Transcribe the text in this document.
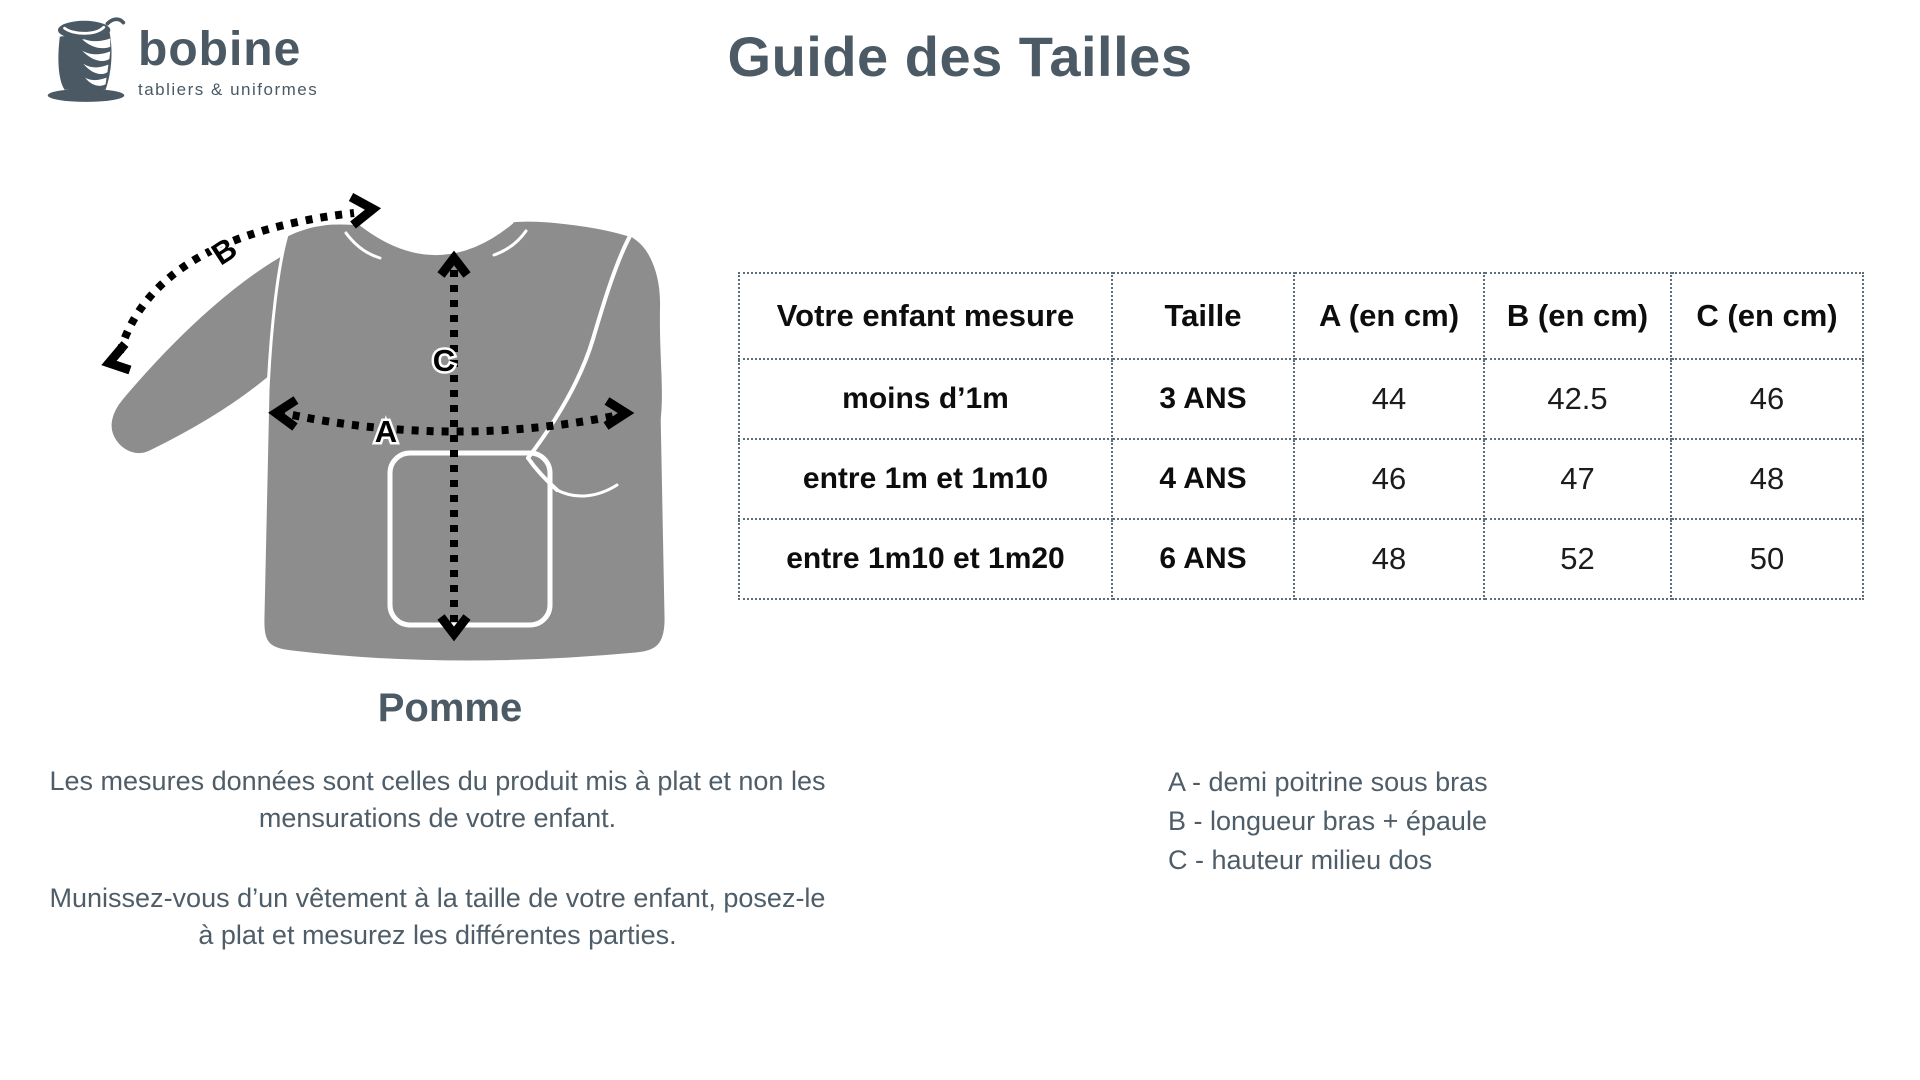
bobine
tabliers & uniformes
Guide des Tailles
B
C
A
Pomme
Votre enfant mesure	Taille	A (en cm)	B (en cm)	C (en cm)
moins d’1m	3 ANS	44	42.5	46
entre 1m et 1m10	4 ANS	46	47	48
entre 1m10 et 1m20	6 ANS	48	52	50

Les mesures données sont celles du produit mis à plat et non les mensurations de votre enfant.

Munissez-vous d’un vêtement à la taille de votre enfant, posez-le à plat et mesurez les différentes parties.

A - demi poitrine sous bras
B - longueur bras + épaule
C - hauteur milieu dos
